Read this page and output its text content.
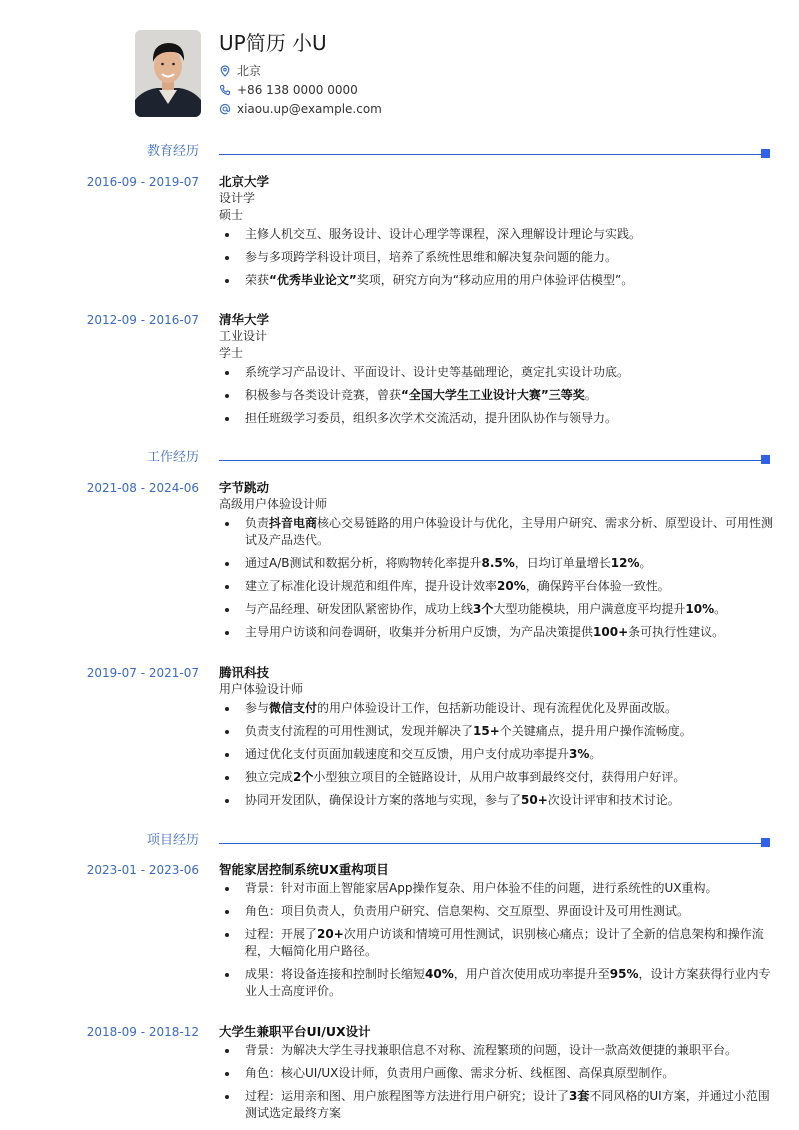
UP简历 小U
北京
+86 138 0000 0000
xiaou.up@example.com
教育经历
2016-09 - 2019-07 北京大学
设计学
硕士
主修人机交互、服务设计、设计心理学等课程，深入理解设计理论与实践。
参与多项跨学科设计项目，培养了系统性思维和解决复杂问题的能力。
荣获“优秀毕业论文”奖项，研究方向为“移动应用的用户体验评估模型”。
2012-09 - 2016-07 清华大学
工业设计
学士
系统学习产品设计、平面设计、设计史等基础理论，奠定扎实设计功底。
积极参与各类设计竞赛，曾获“全国大学生工业设计大赛”三等奖。
担任班级学习委员，组织多次学术交流活动，提升团队协作与领导力。
工作经历
2021-08 - 2024-06 字节跳动
高级用户体验设计师
负责抖音电商核心交易链路的用户体验设计与优化，主导用户研究、需求分析、原型设计、可用性测试及产品迭代。
通过A/B测试和数据分析，将购物转化率提升8.5%，日均订单量增长12%。
建立了标准化设计规范和组件库，提升设计效率20%，确保跨平台体验一致性。
与产品经理、研发团队紧密协作，成功上线3个大型功能模块，用户满意度平均提升10%。
主导用户访谈和问卷调研，收集并分析用户反馈，为产品决策提供100+条可执行性建议。
2019-07 - 2021-07 腾讯科技
用户体验设计师
参与微信支付的用户体验设计工作，包括新功能设计、现有流程优化及界面改版。
负责支付流程的可用性测试，发现并解决了15+个关键痛点，提升用户操作流畅度。
通过优化支付页面加载速度和交互反馈，用户支付成功率提升3%。
独立完成2个小型独立项目的全链路设计，从用户故事到最终交付，获得用户好评。
协同开发团队，确保设计方案的落地与实现，参与了50+次设计评审和技术讨论。
项目经历
2023-01 - 2023-06 智能家居控制系统UX重构项目
背景：针对市面上智能家居App操作复杂、用户体验不佳的问题，进行系统性的UX重构。
角色：项目负责人，负责用户研究、信息架构、交互原型、界面设计及可用性测试。
过程：开展了20+次用户访谈和情境可用性测试，识别核心痛点；设计了全新的信息架构和操作流程，大幅简化用户路径。
成果：将设备连接和控制时长缩短40%，用户首次使用成功率提升至95%，设计方案获得行业内专业人士高度评价。
2018-09 - 2018-12 大学生兼职平台UI/UX设计
背景：为解决大学生寻找兼职信息不对称、流程繁琐的问题，设计一款高效便捷的兼职平台。
角色：核心UI/UX设计师，负责用户画像、需求分析、线框图、高保真原型制作。
过程：运用亲和图、用户旅程图等方法进行用户研究；设计了3套不同风格的UI方案，并通过小范围测试选定最终方案
